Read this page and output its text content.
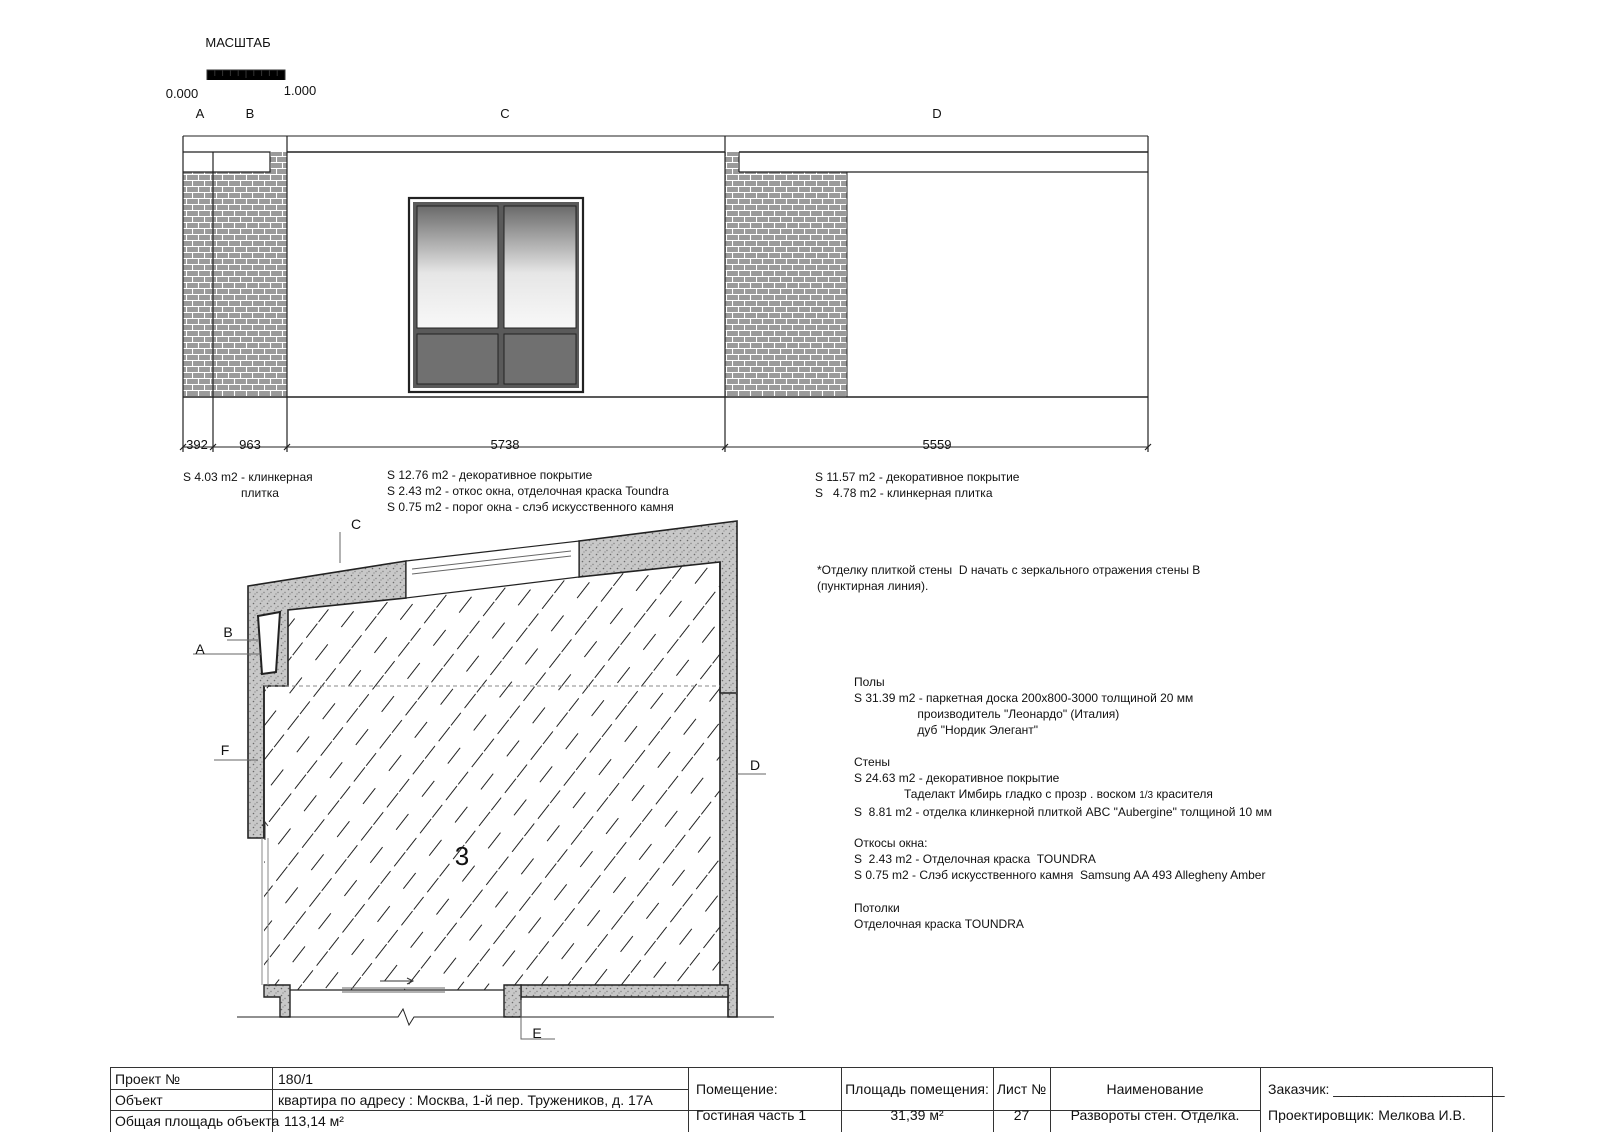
МАСШТАБ
0.000	1.000
A	B	C	D
392 963	5738	5559
C
B
A
F
D
E
3
S 4.03 m2 - клинкерная
плитка
S 12.76 m2 - декоративное покрытие
S 2.43 m2 - откос окна, отделочная краска Toundra
S 0.75 m2 - порог окна - слэб искусственного камня
S 11.57 m2 - декоративное покрытие
S   4.78 m2 - клинкерная плитка
*Отделку плиткой стены  D начать с зеркального отражения стены B
(пунктирная линия).
Полы
S 31.39 m2 - паркетная доска 200х800-3000 толщиной 20 мм
производитель "Леонардо" (Италия)
дуб "Нордик Элегант"
Стены
S 24.63 m2 - декоративное покрытие
Таделакт Имбирь гладко с прозр . воском 1/3 красителя
S  8.81 m2 - отделка клинкерной плиткой ABC "Aubergine" толщиной 10 мм
Откосы окна:
S  2.43 m2 - Отделочная краска  TOUNDRA
S 0.75 m2 - Слэб искусственного камня  Samsung AA 493 Allegheny Amber
Потолки
Отделочная краска TOUNDRA
Проект №	180/1
Объект	квартира по адресу : Москва, 1-й пер. Тружеников, д. 17А
Общая площадь объекта 113,14 м²
Помещение:
Гостиная часть 1
Площадь помещения:
31,39 м²
Лист №
27
Наименование
Развороты стен. Отделка.
Заказчик: ______________________
Проектировщик: Мелкова И.В.
